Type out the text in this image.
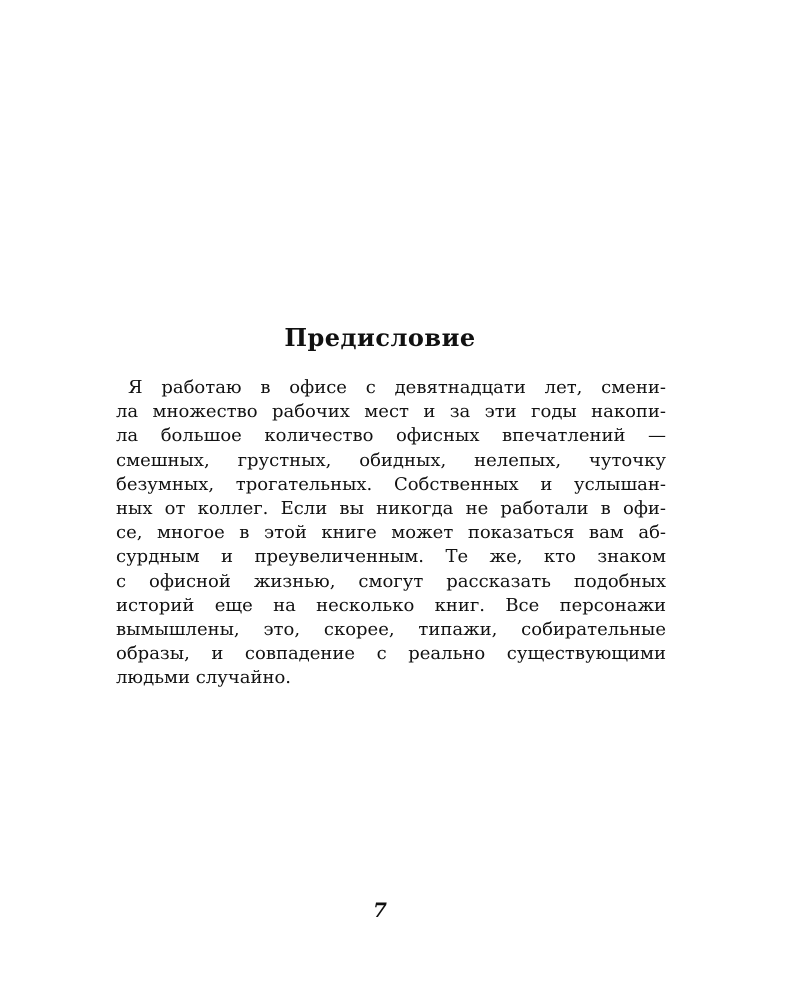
Предисловие
Я работаю в офисе с девятнадцати лет, смени-
ла множество рабочих мест и за эти годы накопи-
ла большое количество офисных впечатлений —
смешных, грустных, обидных, нелепых, чуточку
безумных, трогательных. Собственных и услышан-
ных от коллег. Если вы никогда не работали в офи-
се, многое в этой книге может показаться вам аб-
сурдным и преувеличенным. Те же, кто знаком
с офисной жизнью, смогут рассказать подобных
историй еще на несколько книг. Все персонажи
вымышлены, это, скорее, типажи, собирательные
образы, и совпадение с реально существующими
людьми случайно.
7
